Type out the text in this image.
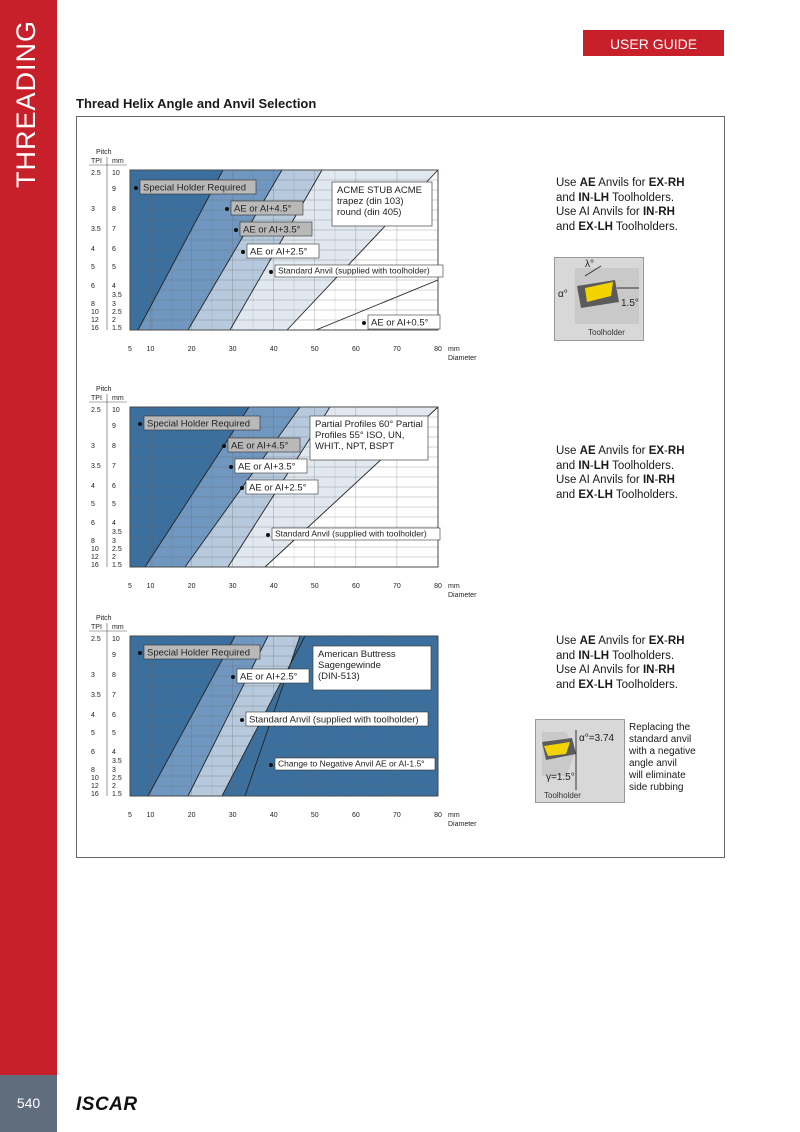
THREADING
540	ISCAR
USER GUIDE
Thread Helix Angle and Anvil Selection
Pitch
TPI mm
2.5
3
3.5
4
5
6
8
10
12
16
10
9
8
7
6
5
4
3.5
3
2.5
2
1.5
5 10	20	30	40	50	60	70	80 mm
Diameter
ACME STUB ACME
trapez (din 103)
round (din 405)
Special Holder Required
AE or AI+4.5°
AE or AI+3.5°
AE or AI+2.5°
Standard Anvil (supplied with toolholder)
AE or AI+0.5°
Pitch
TPI mm
2.5
3
3.5
4
5
6
8
10
12
16
10
9
8
7
6
5
4
3.5
3
2.5
2
1.5
5 10	20	30	40	50	60	70	80 mm
Diameter
Partial Profiles 60° Partial
Profiles 55° ISO, UN,
WHIT., NPT, BSPT
Special Holder Required
AE or AI+4.5°
AE or AI+3.5°
AE or AI+2.5°
Standard Anvil (supplied with toolholder)
Pitch
TPI mm
2.5
3
3.5
4
5
6
8
10
12
16
10
9
8
7
6
5
4
3.5
3
2.5
2
1.5
5 10	20	30	40	50	60	70	80 mm
Diameter
American Buttress
Sagengewinde
(DIN-513)
Special Holder Required
AE or AI+2.5°
Standard Anvil (supplied with toolholder)
Change to Negative Anvil AE or AI-1.5°
Use AE Anvils for EX-RH
and IN-LH Toolholders.
Use AI Anvils for IN-RH
and EX-LH Toolholders.
Use AE Anvils for EX-RH
and IN-LH Toolholders.
Use AI Anvils for IN-RH
and EX-LH Toolholders.
Use AE Anvils for EX-RH
and IN-LH Toolholders.
Use AI Anvils for IN-RH
and EX-LH Toolholders.
λ°
α°
1.5°
Toolholder
α°=3.74
γ=1.5°
Toolholder
Replacing the
standard anvil
with a negative
angle anvil
will eliminate
side rubbing
